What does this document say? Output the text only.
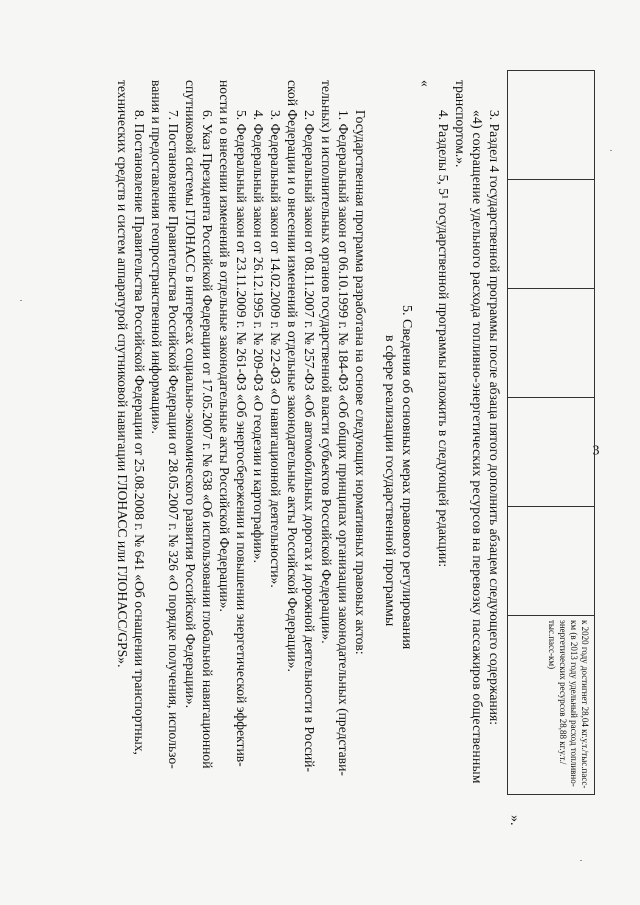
3
к 2020 году достигнет 28,04 кг.у.т./тыс.пасс-км (в 2013 году удельный расход топливно-энергетических ресурсов 28,88 кг.у.т./тыс.пасс-км)
».
3. Раздел 4 государственной программы после абзаца пятого дополнить абзацем следующего содержания:
«4) сокращение удельного расхода топливно-энергетических ресурсов на перевозку пассажиров общественным
транспортом.».
4. Разделы 5, 5¹ государственной программы изложить в следующей редакции:
«
5. Сведения об основных мерах правового регулирования
в сфере реализации государственной программы
Государственная программа разработана на основе следующих нормативных правовых актов:
1. Федеральный закон от 06.10.1999 г. № 184-ФЗ «Об общих принципах организации законодательных (представи-
тельных) и исполнительных органов государственной власти субъектов Российской Федерации».
2. Федеральный закон от 08.11.2007 г. № 257-ФЗ «Об автомобильных дорогах и дорожной деятельности в Россий-
ской Федерации и о внесении изменений в отдельные законодательные акты Российской Федерации».
3. Федеральный закон от 14.02.2009 г. № 22-ФЗ «О навигационной деятельности».
4. Федеральный закон от 26.12.1995 г. № 209-ФЗ «О геодезии и картографии».
5. Федеральный закон от 23.11.2009 г. № 261-ФЗ «Об энергосбережении и повышении энергетической эффектив-
ности и о внесении изменений в отдельные законодательные акты Российской Федерации».
6. Указ Президента Российской Федерации от 17.05.2007 г. № 638 «Об использовании глобальной навигационной
спутниковой системы ГЛОНАСС в интересах социально-экономического развития Российской Федерации».
7. Постановление Правительства Российской Федерации от 28.05.2007 г. № 326 «О порядке получения, использо-
вания и предоставления геопространственной информации».
8. Постановление Правительства Российской Федерации от 25.08.2008 г. № 641 «Об оснащении транспортных,
технических средств и систем аппаратурой спутниковой навигации ГЛОНАСС или ГЛОНАСС/GPS».
